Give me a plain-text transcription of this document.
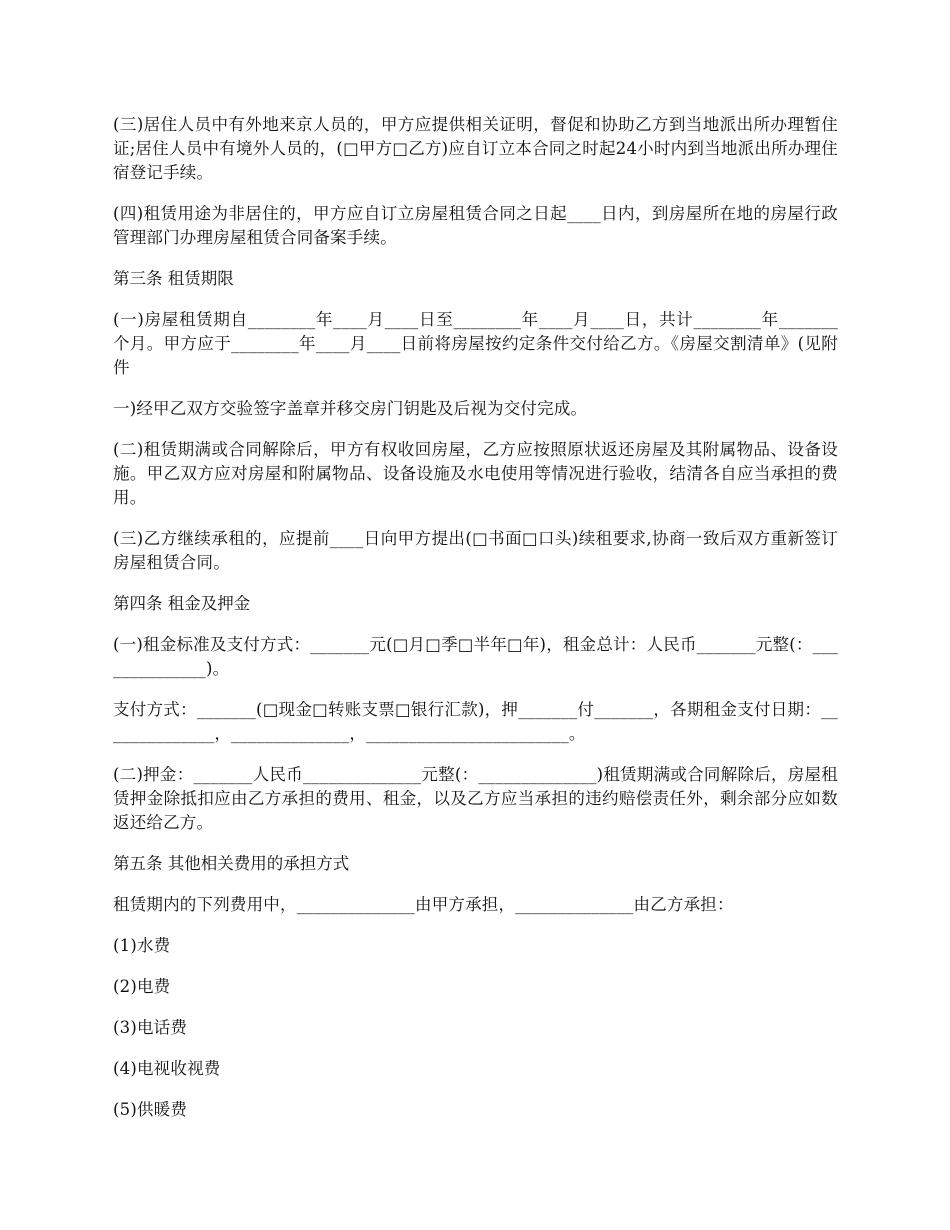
(三)居住人员中有外地来京人员的，甲方应提供相关证明，督促和协助乙方到当地派出所办理暂住证;居住人员中有境外人员的，(□甲方□乙方)应自订立本合同之时起24小时内到当地派出所办理住宿登记手续。

(四)租赁用途为非居住的，甲方应自订立房屋租赁合同之日起____日内，到房屋所在地的房屋行政管理部门办理房屋租赁合同备案手续。

第三条 租赁期限

(一)房屋租赁期自________年____月____日至________年____月____日，共计________年_______个月。甲方应于________年____月____日前将房屋按约定条件交付给乙方。《房屋交割清单》(见附件

一)经甲乙双方交验签字盖章并移交房门钥匙及后视为交付完成。

(二)租赁期满或合同解除后，甲方有权收回房屋，乙方应按照原状返还房屋及其附属物品、设备设施。甲乙双方应对房屋和附属物品、设备设施及水电使用等情况进行验收，结清各自应当承担的费用。

(三)乙方继续承租的，应提前____日向甲方提出(□书面□口头)续租要求,协商一致后双方重新签订房屋租赁合同。

第四条 租金及押金

(一)租金标准及支付方式：_______元(□月□季□半年□年)，租金总计：人民币_______元整(：______________)。

支付方式：_______(□现金□转账支票□银行汇款)，押_______付_______，各期租金支付日期：______________，______________，________________________。

(二)押金：_______人民币______________元整(：______________)租赁期满或合同解除后，房屋租赁押金除抵扣应由乙方承担的费用、租金，以及乙方应当承担的违约赔偿责任外，剩余部分应如数返还给乙方。

第五条 其他相关费用的承担方式

租赁期内的下列费用中，______________由甲方承担，______________由乙方承担：

(1)水费

(2)电费

(3)电话费

(4)电视收视费

(5)供暖费
